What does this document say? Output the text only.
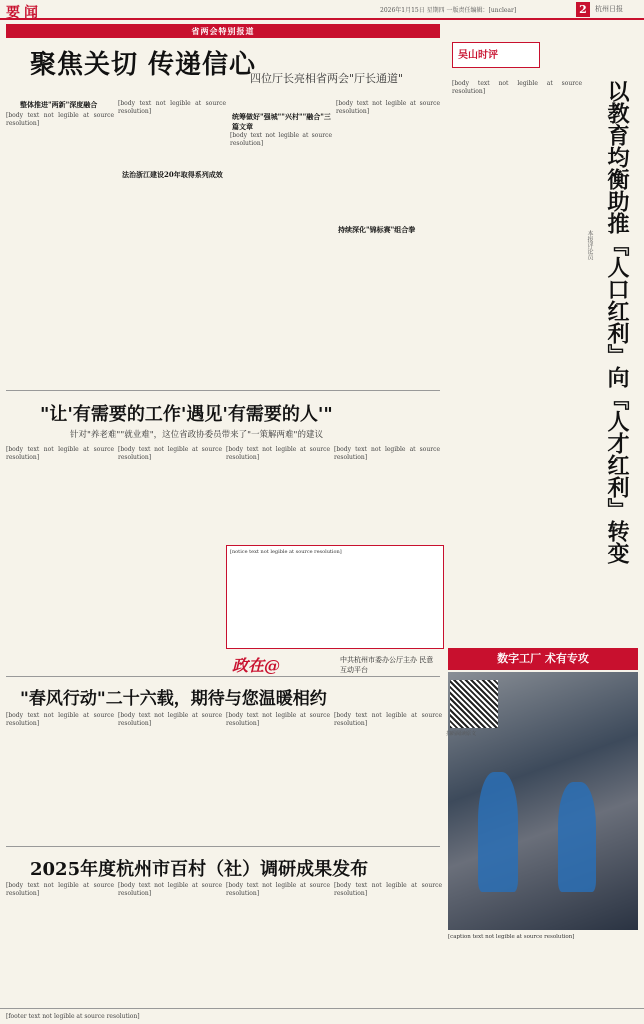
要闻	2026年1月15日 星期四 一版责任编辑：[unclear]	2	杭州日报
省两会特别报道
聚焦关切 传递信心
四位厅长亮相省两会"厅长通道"
整体推进"两新"深度融合
[body text not legible at source resolution]
法治浙江建设20年取得系列成效
[body text not legible at source resolution]
统筹做好"强城""兴村""融合"三篇文章
[body text not legible at source resolution]
持续深化"锦标赛"组合拳
[body text not legible at source resolution]
"让'有需要的工作'遇见'有需要的人'"
针对"养老难""就业难"，这位省政协委员带来了"一策解两难"的建议
[body text not legible at source resolution]
[body text not legible at source resolution]
[body text not legible at source resolution]
[body text not legible at source resolution]
[notice text not legible at source resolution]
政在@	中共杭州市委办公厅主办 民意互动平台
吴山时评
以教育均衡助推『人口红利』向『人才红利』转变
本报评论员
[body text not legible at source resolution]
数字工厂 术有专攻
[caption text not legible at source resolution]
"春风行动"二十六载，期待与您温暖相约
[body text not legible at source resolution]
[body text not legible at source resolution]
[body text not legible at source resolution]
[body text not legible at source resolution]
扫码阅读原文
2025年度杭州市百村（社）调研成果发布
[body text not legible at source resolution]
[body text not legible at source resolution]
[body text not legible at source resolution]
[body text not legible at source resolution]
[footer text not legible at source resolution]
